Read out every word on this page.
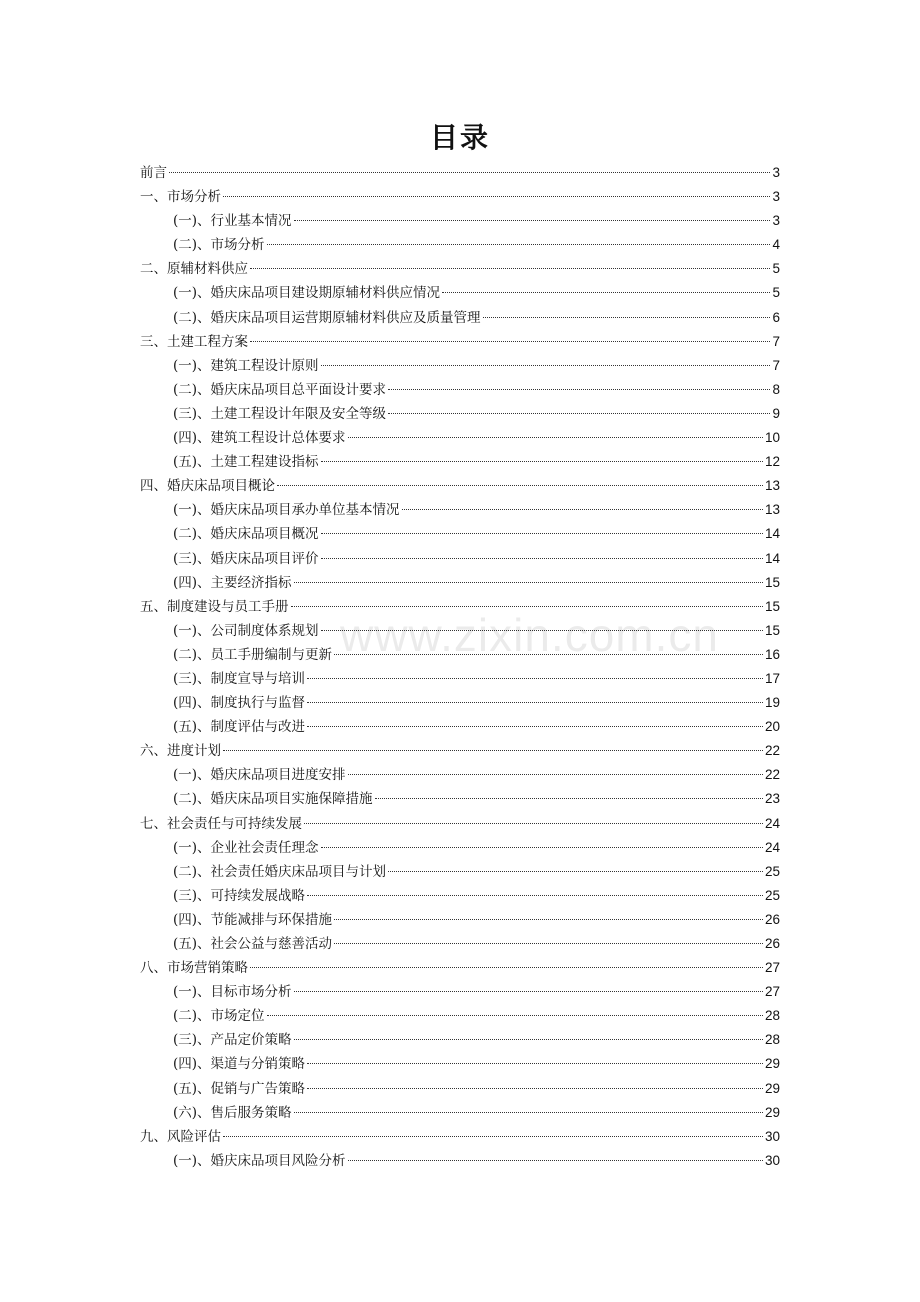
目录
前言	3
一、市场分析	3
(一)、行业基本情况	3
(二)、市场分析	4
二、原辅材料供应	5
(一)、婚庆床品项目建设期原辅材料供应情况	5
(二)、婚庆床品项目运营期原辅材料供应及质量管理	6
三、土建工程方案	7
(一)、建筑工程设计原则	7
(二)、婚庆床品项目总平面设计要求	8
(三)、土建工程设计年限及安全等级	9
(四)、建筑工程设计总体要求	10
(五)、土建工程建设指标	12
四、婚庆床品项目概论	13
(一)、婚庆床品项目承办单位基本情况	13
(二)、婚庆床品项目概况	14
(三)、婚庆床品项目评价	14
(四)、主要经济指标	15
五、制度建设与员工手册	15
(一)、公司制度体系规划	15
(二)、员工手册编制与更新	16
(三)、制度宣导与培训	17
(四)、制度执行与监督	19
(五)、制度评估与改进	20
六、进度计划	22
(一)、婚庆床品项目进度安排	22
(二)、婚庆床品项目实施保障措施	23
七、社会责任与可持续发展	24
(一)、企业社会责任理念	24
(二)、社会责任婚庆床品项目与计划	25
(三)、可持续发展战略	25
(四)、节能减排与环保措施	26
(五)、社会公益与慈善活动	26
八、市场营销策略	27
(一)、目标市场分析	27
(二)、市场定位	28
(三)、产品定价策略	28
(四)、渠道与分销策略	29
(五)、促销与广告策略	29
(六)、售后服务策略	29
九、风险评估	30
(一)、婚庆床品项目风险分析	30
www.zixin.com.cn
